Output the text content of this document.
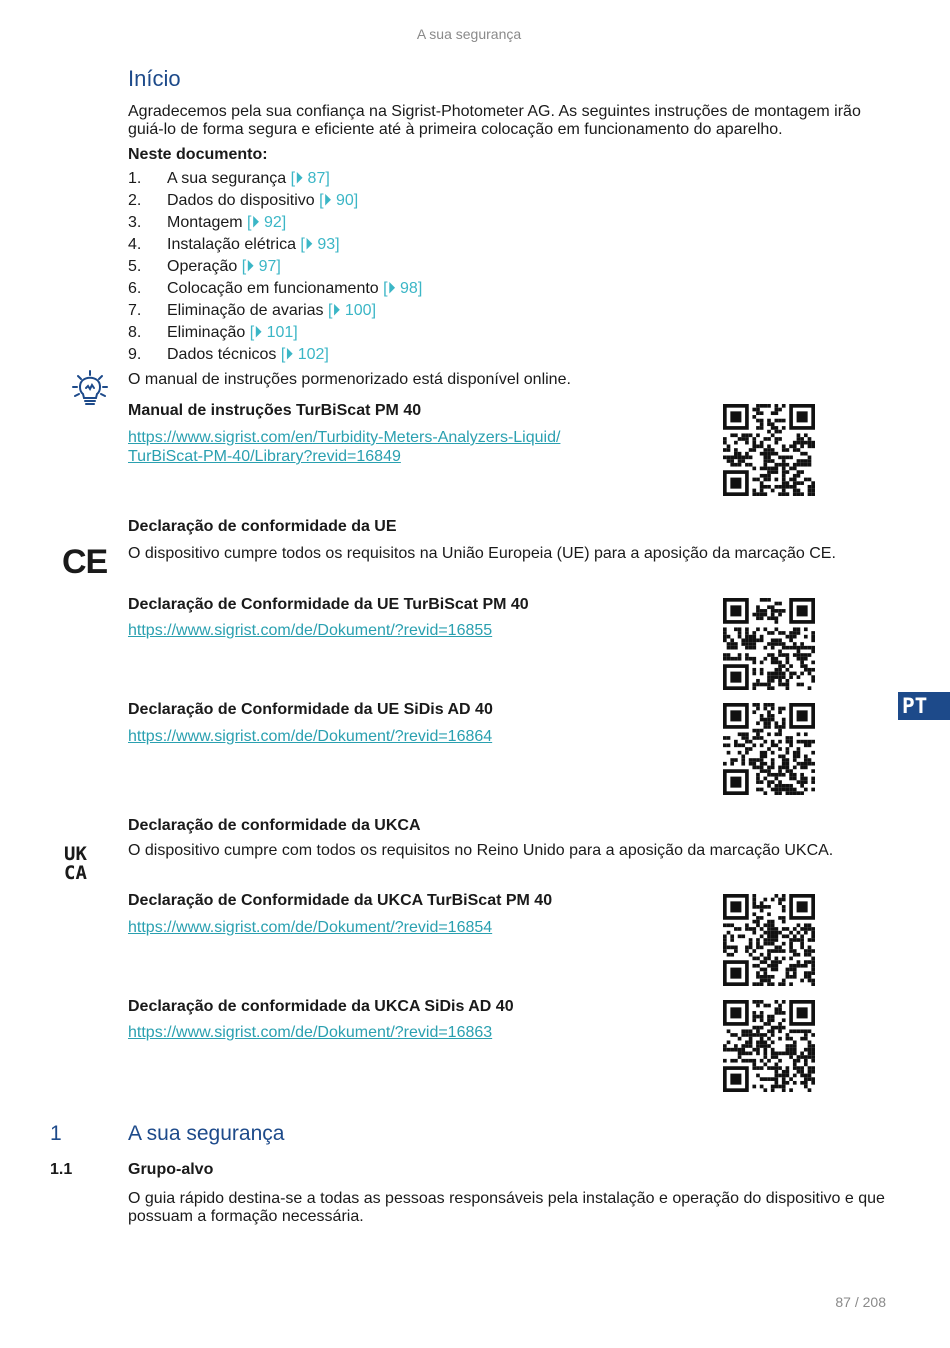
A sua segurança
Início
Agradecemos pela sua confiança na Sigrist-Photometer AG. As seguintes instruções de montagem irão guiá-lo de forma segura e eficiente até à primeira colocação em funcionamento do aparelho.
Neste documento:
1. A sua segurança [⏵ 87]
2. Dados do dispositivo [⏵ 90]
3. Montagem [⏵ 92]
4. Instalação elétrica [⏵ 93]
5. Operação [⏵ 97]
6. Colocação em funcionamento [⏵ 98]
7. Eliminação de avarias [⏵ 100]
8. Eliminação [⏵ 101]
9. Dados técnicos [⏵ 102]
O manual de instruções pormenorizado está disponível online.
Manual de instruções TurBiScat PM 40
https://www.sigrist.com/en/Turbidity-Meters-Analyzers-Liquid/
TurBiScat-PM-40/Library?revid=16849
Declaração de conformidade da UE
CE O dispositivo cumpre todos os requisitos na União Europeia (UE) para a aposição da marcação CE.
Declaração de Conformidade da UE TurBiScat PM 40
https://www.sigrist.com/de/Dokument/?revid=16855
Declaração de Conformidade da UE SiDis AD 40
https://www.sigrist.com/de/Dokument/?revid=16864
PT
Declaração de conformidade da UKCA
UK
CA
O dispositivo cumpre com todos os requisitos no Reino Unido para a aposição da marcação UKCA.
Declaração de Conformidade da UKCA TurBiScat PM 40
https://www.sigrist.com/de/Dokument/?revid=16854
Declaração de conformidade da UKCA SiDis AD 40
https://www.sigrist.com/de/Dokument/?revid=16863
1	A sua segurança
1.1	Grupo-alvo
O guia rápido destina-se a todas as pessoas responsáveis pela instalação e operação do dispositivo e que possuam a formação necessária.
87 / 208
